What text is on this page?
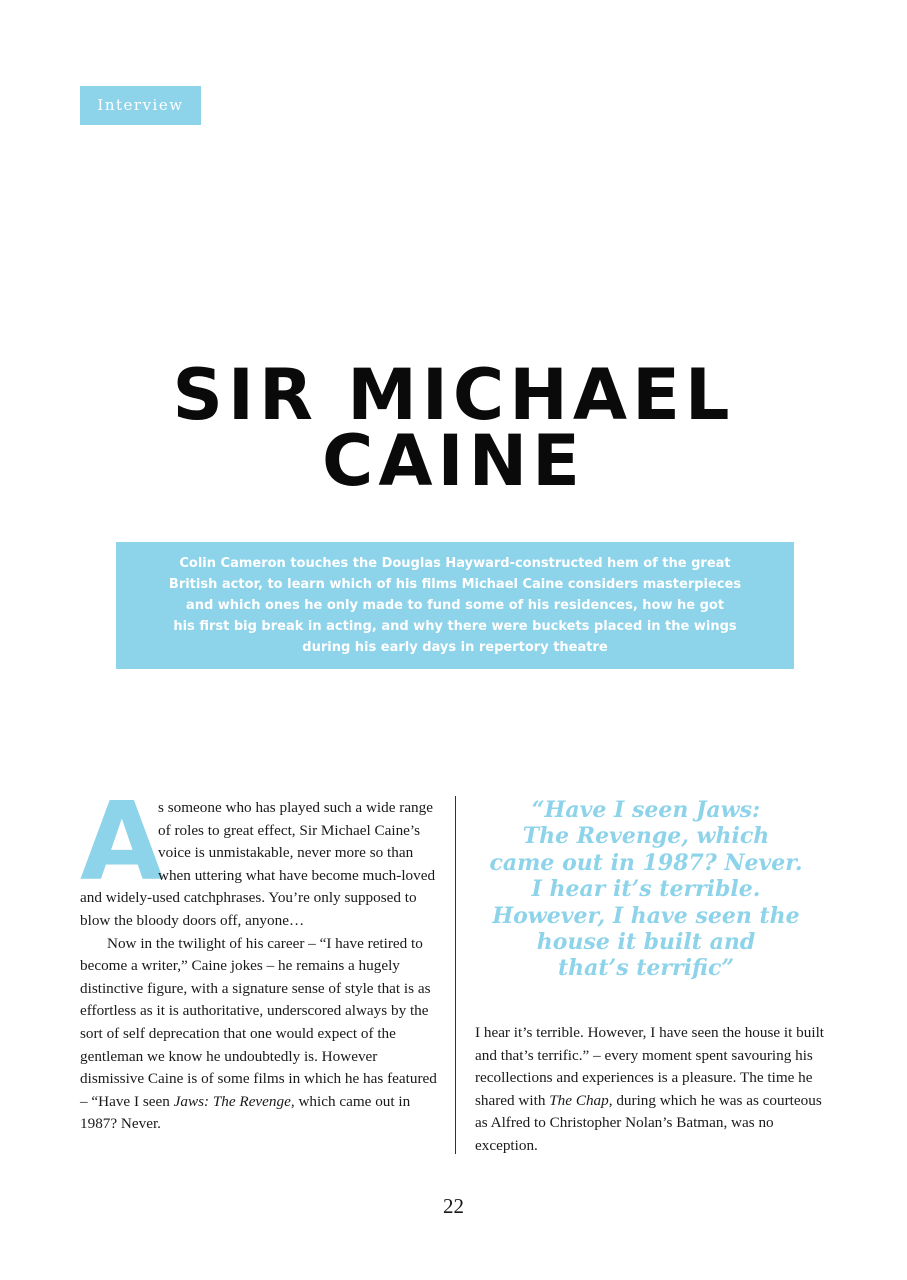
Interview
SIR MICHAEL
CAINE
Colin Cameron touches the Douglas Hayward-constructed hem of the great
British actor, to learn which of his films Michael Caine considers masterpieces
and which ones he only made to fund some of his residences, how he got
his first big break in acting, and why there were buckets placed in the wings
during his early days in repertory theatre
A

s someone who has played such a wide range of roles to great effect, Sir Michael Caine’s voice is unmistakable, never more so than when uttering what have become much-loved and widely-used catchphrases. You’re only supposed to blow the bloody doors off, anyone…

Now in the twilight of his career – “I have retired to become a writer,” Caine jokes – he remains a hugely distinctive figure, with a signature sense of style that is as effortless as it is authoritative, underscored always by the sort of self deprecation that one would expect of the gentleman we know he undoubtedly is. However dismissive Caine is of some films in which he has featured – “Have I seen Jaws: The Revenge, which came out in 1987? Never.

“Have I seen Jaws:
The Revenge, which
came out in 1987? Never.
I hear it’s terrible.
However, I have seen the
house it built and
that’s terrific”

I hear it’s terrible. However, I have seen the house it built and that’s terrific.” – every moment spent savouring his recollections and experiences is a pleasure. The time he shared with The Chap, during which he was as courteous as Alfred to Christopher Nolan’s Batman, was no exception.

22
